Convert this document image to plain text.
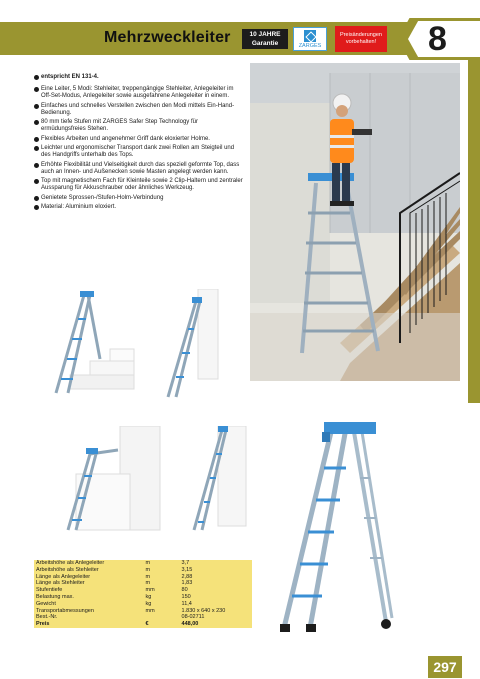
Mehrzweckleiter	10 JAHRE
Garantie	ZARGES
Preisänderungen
vorbehalten!	8
entspricht EN 131-4.
Eine Leiter, 5 Modi: Stehleiter, treppengängige Stehleiter, Anlegeleiter im Off-Set-Modus, Anlegeleiter sowie ausgefahrene Anlegeleiter in einem.
Einfaches und schnelles Verstellen zwischen den Modi mittels Ein-Hand-Bedienung.
80 mm tiefe Stufen mit ZARGES Safer Step Technology für ermüdungsfreies Stehen.
Flexibles Arbeiten und angenehmer Griff dank eloxierter Holme.
Leichter und ergonomischer Transport dank zwei Rollen am Steigteil und des Handgriffs unterhalb des Tops.
Erhöhte Flexibilität und Vielseitigkeit durch das speziell geformte Top, dass auch an Innen- und Außenecken sowie Masten angelegt werden kann.
Top mit magnetischem Fach für Kleinteile sowie 2 Clip-Haltern und zentraler Aussparung für Akkuschrauber oder ähnliches Werkzeug.
Genietete Sprossen-/Stufen-Holm-Verbindung
Material: Aluminium eloxiert.
Arbeitshöhe als Anlegeleiter	m	3,7
Arbeitshöhe als Stehleiter	m	3,15
Länge als Anlegeleiter	m	2,88
Länge als Stehleiter	m	1,83
Stufentiefe	mm	80
Belastung max.	kg	150
Gewicht	kg	11,4
Transportabmessungen	mm	1.830 x 640 x 230
Best.-Nr.		08-02711
Preis	€	448,00
297
